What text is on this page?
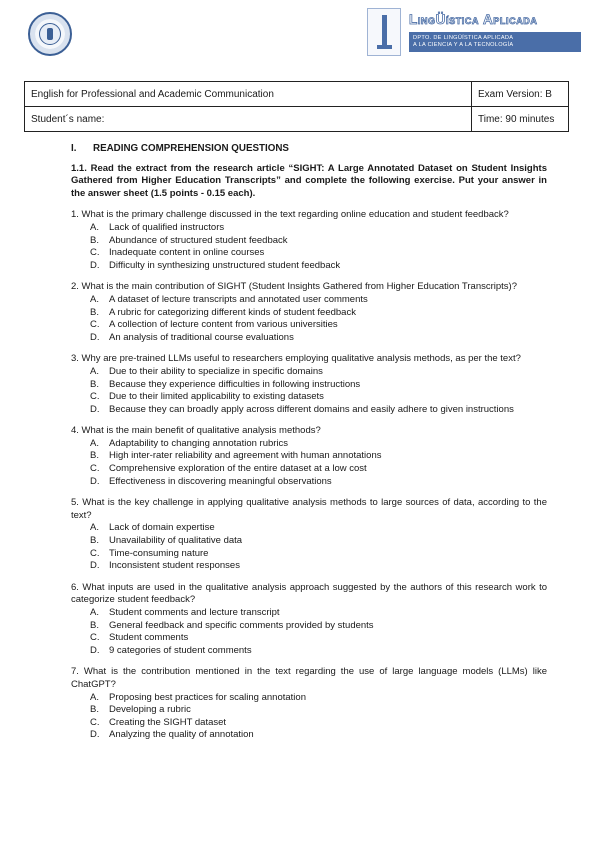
LingÜística Aplicada
DPTO. DE LINGÜÍSTICA APLICADA
A LA CIENCIA Y A LA TECNOLOGÍA
English for Professional and Academic Communication	Exam Version: B
Student´s name:	Time: 90 minutes
I. READING COMPREHENSION QUESTIONS
1.1. Read the extract from the research article “SIGHT: A Large Annotated Dataset on Student Insights Gathered from Higher Education Transcripts” and complete the following exercise. Put your answer in the answer sheet (1.5 points - 0.15 each).
1. What is the primary challenge discussed in the text regarding online education and student feedback?
A. Lack of qualified instructors
B. Abundance of structured student feedback
C. Inadequate content in online courses
D. Difficulty in synthesizing unstructured student feedback
2. What is the main contribution of SIGHT (Student Insights Gathered from Higher Education Transcripts)?
A. A dataset of lecture transcripts and annotated user comments
B. A rubric for categorizing different kinds of student feedback
C. A collection of lecture content from various universities
D. An analysis of traditional course evaluations
3. Why are pre-trained LLMs useful to researchers employing qualitative analysis methods, as per the text?
A. Due to their ability to specialize in specific domains
B. Because they experience difficulties in following instructions
C. Due to their limited applicability to existing datasets
D. Because they can broadly apply across different domains and easily adhere to given instructions
4. What is the main benefit of qualitative analysis methods?
A. Adaptability to changing annotation rubrics
B. High inter-rater reliability and agreement with human annotations
C. Comprehensive exploration of the entire dataset at a low cost
D. Effectiveness in discovering meaningful observations
5. What is the key challenge in applying qualitative analysis methods to large sources of data, according to the text?
A. Lack of domain expertise
B. Unavailability of qualitative data
C. Time-consuming nature
D. Inconsistent student responses
6. What inputs are used in the qualitative analysis approach suggested by the authors of this research work to categorize student feedback?
A. Student comments and lecture transcript
B. General feedback and specific comments provided by students
C. Student comments
D. 9 categories of student comments
7. What is the contribution mentioned in the text regarding the use of large language models (LLMs) like ChatGPT?
A. Proposing best practices for scaling annotation
B. Developing a rubric
C. Creating the SIGHT dataset
D. Analyzing the quality of annotation
